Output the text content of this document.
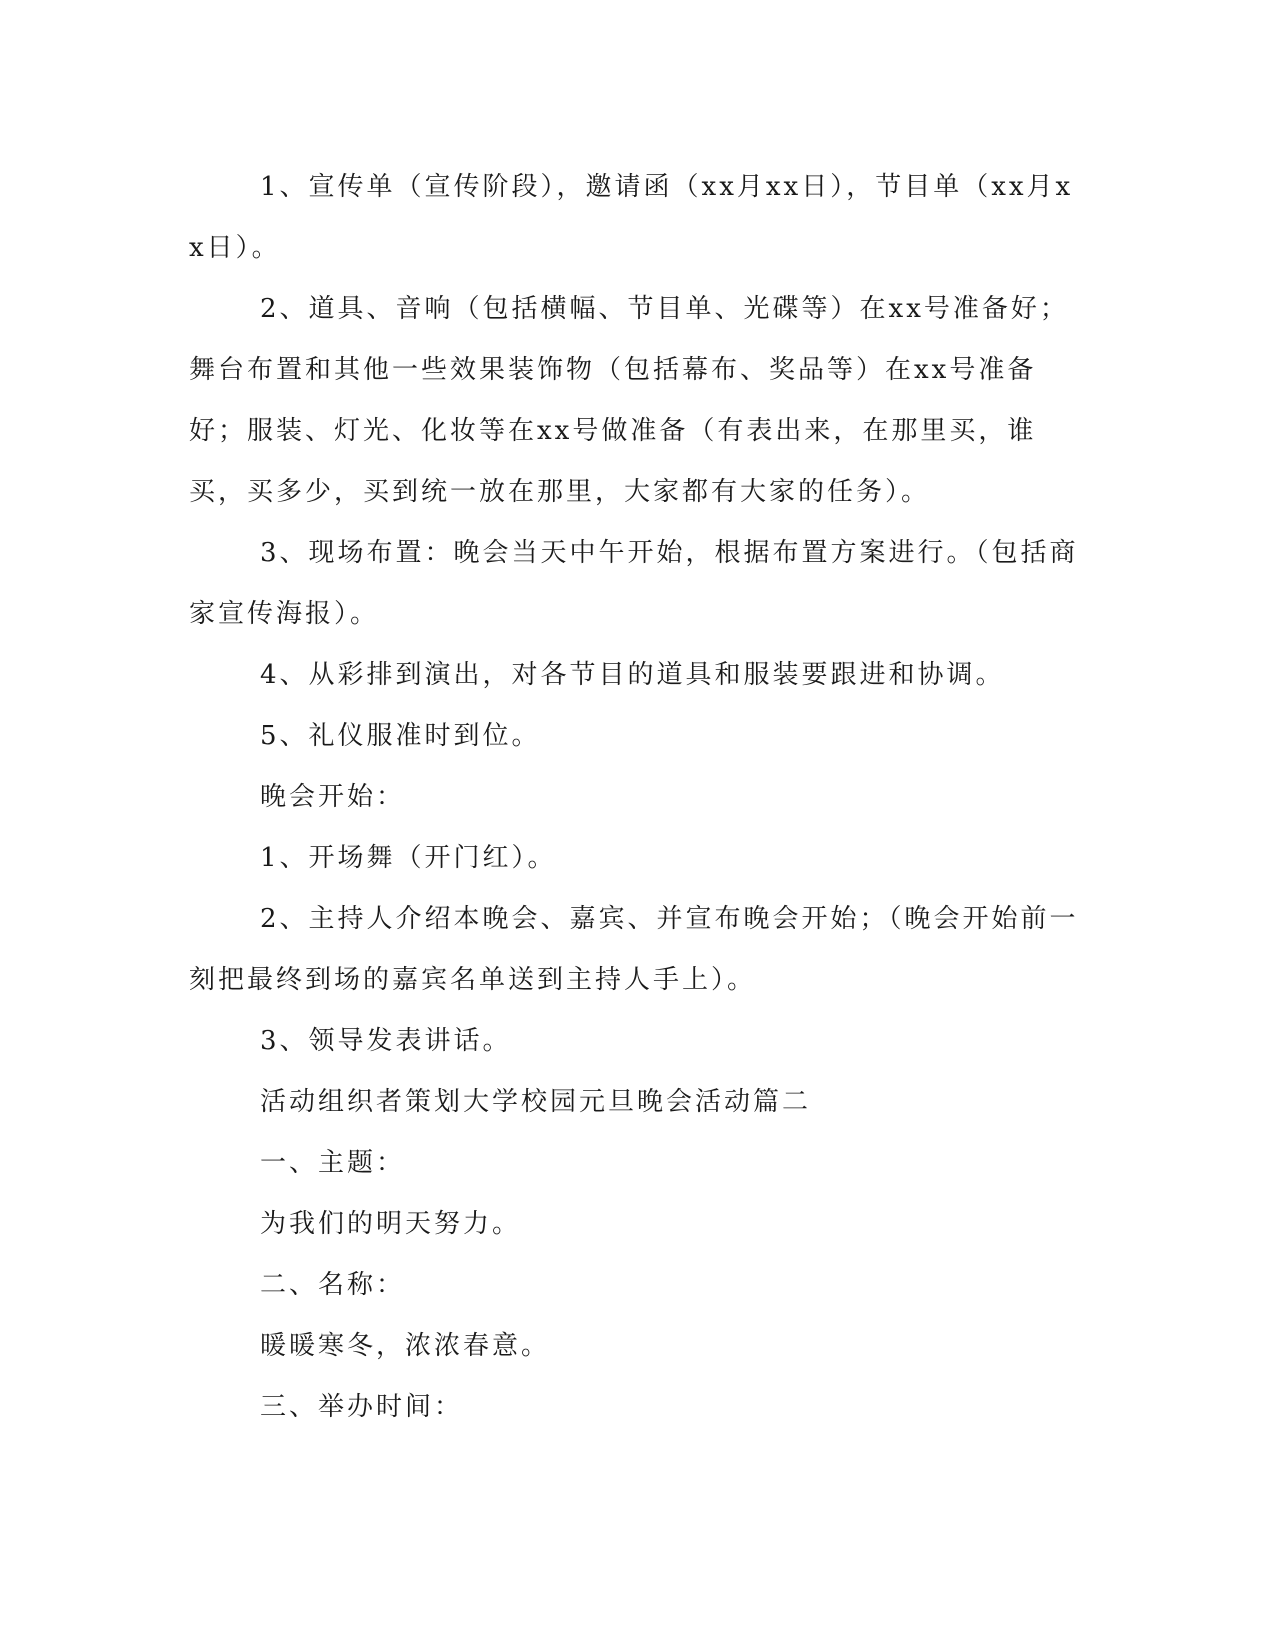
1、宣传单（宣传阶段），邀请函（xx月xx日），节目单（xx月xx日）。

2、道具、音响（包括横幅、节目单、光碟等）在xx号准备好；舞台布置和其他一些效果装饰物（包括幕布、奖品等）在xx号准备好；服装、灯光、化妆等在xx号做准备（有表出来，在那里买，谁买，买多少，买到统一放在那里，大家都有大家的任务）。

3、现场布置：晚会当天中午开始，根据布置方案进行。（包括商家宣传海报）。

4、从彩排到演出，对各节目的道具和服装要跟进和协调。

5、礼仪服准时到位。

晚会开始：

1、开场舞（开门红）。

2、主持人介绍本晚会、嘉宾、并宣布晚会开始；（晚会开始前一刻把最终到场的嘉宾名单送到主持人手上）。

3、领导发表讲话。

活动组织者策划大学校园元旦晚会活动篇二

一、主题：

为我们的明天努力。

二、名称：

暖暖寒冬，浓浓春意。

三、举办时间：
